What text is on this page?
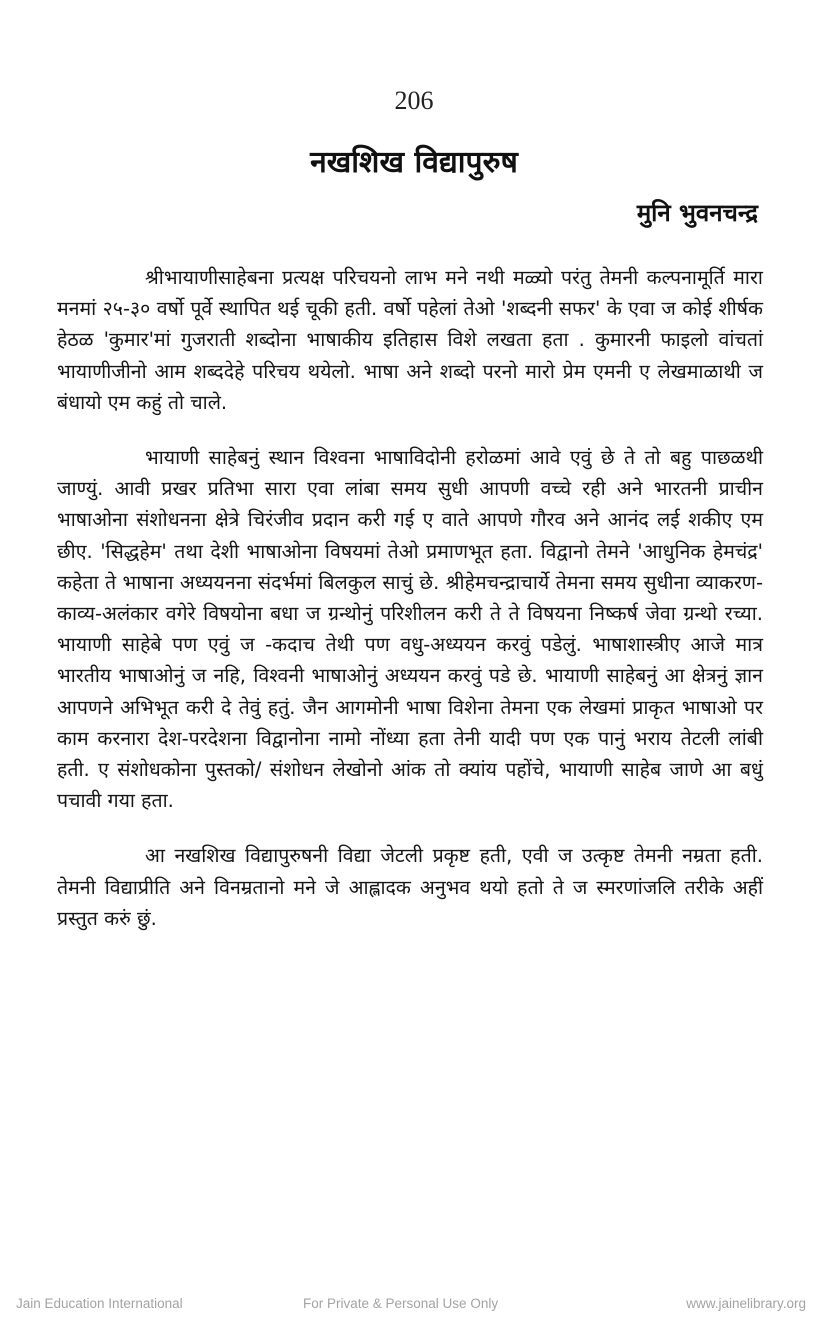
206
नखशिख विद्यापुरुष
मुनि भुवनचन्द्र

श्रीभायाणीसाहेबना प्रत्यक्ष परिचयनो लाभ मने नथी मळ्यो परंतु तेमनी कल्पनामूर्ति मारा मनमां २५-३० वर्षो पूर्वे स्थापित थई चूकी हती. वर्षो पहेलां तेओ 'शब्दनी सफर' के एवा ज कोई शीर्षक हेठळ 'कुमार'मां गुजराती शब्दोना भाषाकीय इतिहास विशे लखता हता . कुमारनी फाइलो वांचतां भायाणीजीनो आम शब्ददेहे परिचय थयेलो. भाषा अने शब्दो परनो मारो प्रेम एमनी ए लेखमाळाथी ज बंधायो एम कहुं तो चाले.

भायाणी साहेबनुं स्थान विश्वना भाषाविदोनी हरोळमां आवे एवुं छे ते तो बहु पाछळथी जाण्युं. आवी प्रखर प्रतिभा सारा एवा लांबा समय सुधी आपणी वच्चे रही अने भारतनी प्राचीन भाषाओना संशोधनना क्षेत्रे चिरंजीव प्रदान करी गई ए वाते आपणे गौरव अने आनंद लई शकीए एम छीए. 'सिद्धहेम' तथा देशी भाषाओना विषयमां तेओ प्रमाणभूत हता. विद्वानो तेमने 'आधुनिक हेमचंद्र' कहेता ते भाषाना अध्ययनना संदर्भमां बिलकुल साचुं छे. श्रीहेमचन्द्राचार्ये तेमना समय सुधीना व्याकरण-काव्य-अलंकार वगेरे विषयोना बधा ज ग्रन्थोनुं परिशीलन करी ते ते विषयना निष्कर्ष जेवा ग्रन्थो रच्या. भायाणी साहेबे पण एवुं ज -कदाच तेथी पण वधु-अध्ययन करवुं पडेलुं. भाषाशास्त्रीए आजे मात्र भारतीय भाषाओनुं ज नहि, विश्वनी भाषाओनुं अध्ययन करवुं पडे छे. भायाणी साहेबनुं आ क्षेत्रनुं ज्ञान आपणने अभिभूत करी दे तेवुं हतुं. जैन आगमोनी भाषा विशेना तेमना एक लेखमां प्राकृत भाषाओ पर काम करनारा देश-परदेशना विद्वानोना नामो नोंध्या हता तेनी यादी पण एक पानुं भराय तेटली लांबी हती. ए संशोधकोना पुस्तको/ संशोधन लेखोनो आंक तो क्यांय पहोंचे, भायाणी साहेब जाणे आ बधुं पचावी गया हता.

आ नखशिख विद्यापुरुषनी विद्या जेटली प्रकृष्ट हती, एवी ज उत्कृष्ट तेमनी नम्रता हती. तेमनी विद्याप्रीति अने विनम्रतानो मने जे आह्लादक अनुभव थयो हतो ते ज स्मरणांजलि तरीके अहीं प्रस्तुत करुं छुं.

Jain Education International	For Private & Personal Use Only	www.jainelibrary.org
